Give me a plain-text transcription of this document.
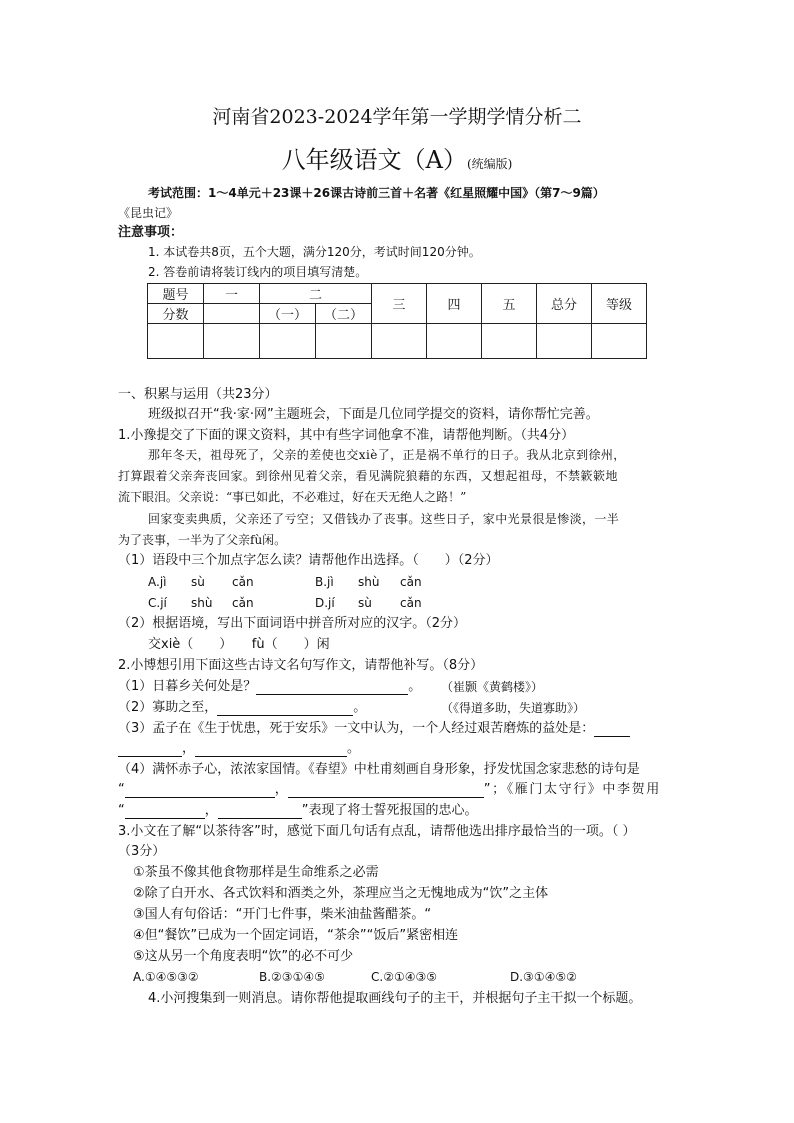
河南省2023-2024学年第一学期学情分析二
八年级语文（A）(统编版)
考试范围：1～4单元＋23课＋26课古诗前三首＋名著《红星照耀中国》（第7～9篇）
《昆虫记》
注意事项：
1. 本试卷共8页，五个大题，满分120分，考试时间120分钟。
2. 答卷前请将装订线内的项目填写清楚。
题号	一	二		三	四	五	总分	等级
分数		（一）	（二）					

一、积累与运用（共23分）
班级拟召开“我·家·网”主题班会，下面是几位同学提交的资料，请你帮忙完善。
1.小豫提交了下面的课文资料，其中有些字词他拿不准，请帮他判断。（共4分）
那年冬天，祖母死了，父亲的差使也交xiè了，正是祸不单行的日子。我从北京到徐州，
打算跟着父亲奔丧回家。到徐州见着父亲，看见满院狼藉的东西，又想起祖母，不禁簌簌地
流下眼泪。父亲说：“事已如此，不必难过，好在天无绝人之路！”
回家变卖典质，父亲还了亏空；又借钱办了丧事。这些日子，家中光景很是惨淡，一半
为了丧事，一半为了父亲fù闲。
（1）语段中三个加点字怎么读？请帮他作出选择。（　　）（2分）
A.jì sù cǎn	B.jì shù cǎn
C.jí shù cǎn	D.jí sù cǎn
（2）根据语境，写出下面词语中拼音所对应的汉字。（2分）
交xiè（　　）　　fù（　　）闲
2.小博想引用下面这些古诗文名句写作文，请帮他补写。（8分）
（1）日暮乡关何处是？	。 （崔颢《黄鹤楼》）
（2）寡助之至，	。	（《得道多助，失道寡助》）
（3）孟子在《生于忧患，死于安乐》一文中认为，一个人经过艰苦磨炼的益处是：
，	。
（4）满怀赤子心，浓浓家国情。《春望》中杜甫刻画自身形象，抒发忧国念家悲愁的诗句是
“	，	”；《雁门太守行》中李贺用
“	，	”表现了将士誓死报国的忠心。
3.小文在了解“以茶待客”时，感觉下面几句话有点乱，请帮他选出排序最恰当的一项。（ ）
（3分）
①茶虽不像其他食物那样是生命维系之必需
②除了白开水、各式饮料和酒类之外，茶理应当之无愧地成为“饮”之主体
③国人有句俗话：“开门七件事，柴米油盐酱醋茶。“
④但“餐饮”已成为一个固定词语，“茶余”“饭后”紧密相连
⑤这从另一个角度表明“饮”的必不可少
A.①④⑤③②	B.②③①④⑤	C.②①④③⑤	D.③①④⑤②
4.小河搜集到一则消息。请你帮他提取画线句子的主干，并根据句子主干拟一个标题。
